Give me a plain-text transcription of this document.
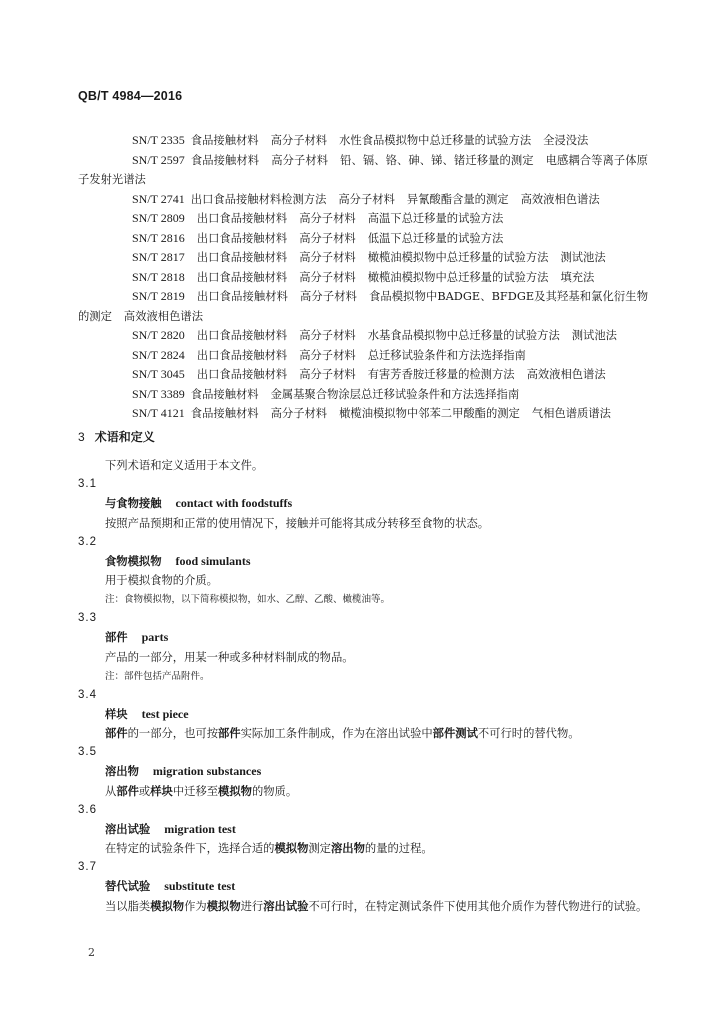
QB/T 4984—2016
SN/T 2335 食品接触材料 高分子材料 水性食品模拟物中总迁移量的试验方法 全浸没法
SN/T 2597 食品接触材料 高分子材料 铅、镉、铬、砷、锑、锗迁移量的测定 电感耦合等离子体原子发射光谱法
SN/T 2741 出口食品接触材料检测方法 高分子材料 异氰酸酯含量的测定 高效液相色谱法
SN/T 2809 出口食品接触材料 高分子材料 高温下总迁移量的试验方法
SN/T 2816 出口食品接触材料 高分子材料 低温下总迁移量的试验方法
SN/T 2817 出口食品接触材料 高分子材料 橄榄油模拟物中总迁移量的试验方法 测试池法
SN/T 2818 出口食品接触材料 高分子材料 橄榄油模拟物中总迁移量的试验方法 填充法
SN/T 2819 出口食品接触材料 高分子材料 食品模拟物中BADGE、BFDGE及其羟基和氯化衍生物的测定 高效液相色谱法
SN/T 2820 出口食品接触材料 高分子材料 水基食品模拟物中总迁移量的试验方法 测试池法
SN/T 2824 出口食品接触材料 高分子材料 总迁移试验条件和方法选择指南
SN/T 3045 出口食品接触材料 高分子材料 有害芳香胺迁移量的检测方法 高效液相色谱法
SN/T 3389 食品接触材料 金属基聚合物涂层总迁移试验条件和方法选择指南
SN/T 4121 食品接触材料 高分子材料 橄榄油模拟物中邻苯二甲酸酯的测定 气相色谱质谱法
3 术语和定义

下列术语和定义适用于本文件。

3.1
与食物接触 contact with foodstuffs

按照产品预期和正常的使用情况下，接触并可能将其成分转移至食物的状态。

3.2
食物模拟物 food simulants

用于模拟食物的介质。

注：食物模拟物，以下简称模拟物，如水、乙醇、乙酸、橄榄油等。
3.3
部件 parts

产品的一部分，用某一种或多种材料制成的物品。

注：部件包括产品附件。
3.4
样块 test piece

部件的一部分，也可按部件实际加工条件制成，作为在溶出试验中部件测试不可行时的替代物。

3.5
溶出物 migration substances

从部件或样块中迁移至模拟物的物质。

3.6
溶出试验 migration test

在特定的试验条件下，选择合适的模拟物测定溶出物的量的过程。

3.7
替代试验 substitute test

当以脂类模拟物作为模拟物进行溶出试验不可行时，在特定测试条件下使用其他介质作为替代物进行的试验。

2
